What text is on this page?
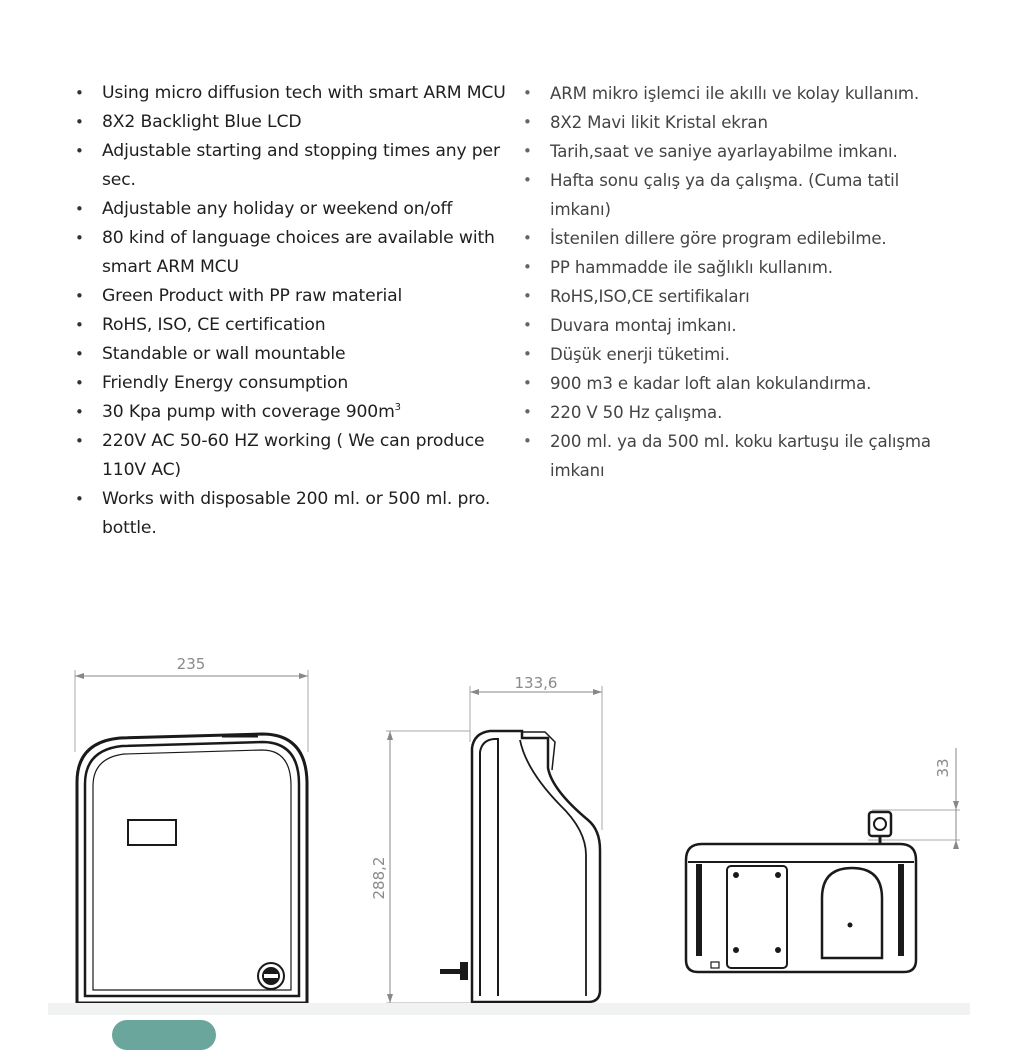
• Using micro diffusion tech with smart ARM MCU
• 8X2 Backlight Blue LCD
• Adjustable starting and stopping times any per sec.
• Adjustable any holiday or weekend on/off
• 80 kind of language choices are available with smart ARM MCU
• Green Product with PP raw material
• RoHS, ISO, CE certification
• Standable or wall mountable
• Friendly Energy consumption
• 30 Kpa pump with coverage $900m^3$
• 220V AC 50-60 HZ working ( We can produce 110V AC)
• Works with disposable 200 ml. or 500 ml. pro. bottle.
• ARM mikro işlemci ile akıllı ve kolay kullanım.
• 8X2 Mavi likit Kristal ekran
• Tarih,saat ve saniye ayarlayabilme imkanı.
• Hafta sonu çalış ya da çalışma. (Cuma tatil imkanı)
• İstenilen dillere göre program edilebilme.
• PP hammadde ile sağlıklı kullanım.
• RoHS,ISO,CE sertifikaları
• Duvara montaj imkanı.
• Düşük enerji tüketimi.
• 900 m3 e kadar loft alan kokulandırma.
• 220 V 50 Hz çalışma.
• 200 ml. ya da 500 ml. koku kartuşu ile çalışma imkanı
235
133,6
288,2
33
